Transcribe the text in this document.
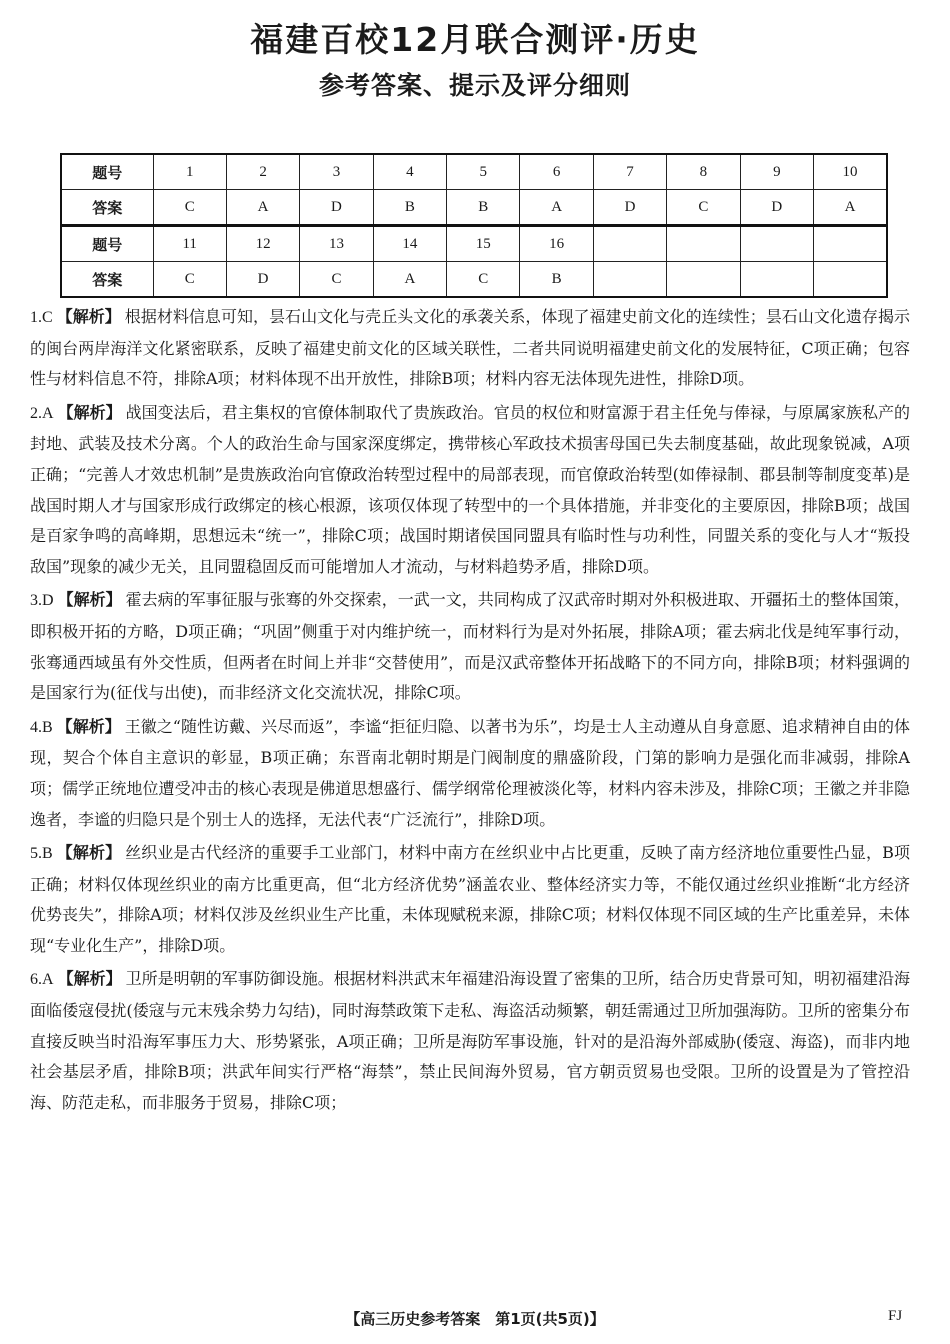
福建百校12月联合测评·历史
参考答案、提示及评分细则
题号	1	2	3	4	5	6	7	8	9	10
答案	C	A	D	B	B	A	D	C	D	A
题号	11	12	13	14	15	16				
答案	C	D	C	A	C	B				

1.C 【解析】 根据材料信息可知，昙石山文化与壳丘头文化的承袭关系，体现了福建史前文化的连续性；昙石山文化遗存揭示的闽台两岸海洋文化紧密联系，反映了福建史前文化的区域关联性，二者共同说明福建史前文化的发展特征，C项正确；包容性与材料信息不符，排除A项；材料体现不出开放性，排除B项；材料内容无法体现先进性，排除D项。

2.A 【解析】 战国变法后，君主集权的官僚体制取代了贵族政治。官员的权位和财富源于君主任免与俸禄，与原属家族私产的封地、武装及技术分离。个人的政治生命与国家深度绑定，携带核心军政技术损害母国已失去制度基础，故此现象锐减，A项正确；“完善人才效忠机制”是贵族政治向官僚政治转型过程中的局部表现，而官僚政治转型(如俸禄制、郡县制等制度变革)是战国时期人才与国家形成行政绑定的核心根源，该项仅体现了转型中的一个具体措施，并非变化的主要原因，排除B项；战国是百家争鸣的高峰期，思想远未“统一”，排除C项；战国时期诸侯国同盟具有临时性与功利性，同盟关系的变化与人才“叛投敌国”现象的减少无关，且同盟稳固反而可能增加人才流动，与材料趋势矛盾，排除D项。

3.D 【解析】 霍去病的军事征服与张骞的外交探索，一武一文，共同构成了汉武帝时期对外积极进取、开疆拓土的整体国策，即积极开拓的方略，D项正确；“巩固”侧重于对内维护统一，而材料行为是对外拓展，排除A项；霍去病北伐是纯军事行动，张骞通西域虽有外交性质，但两者在时间上并非“交替使用”，而是汉武帝整体开拓战略下的不同方向，排除B项；材料强调的是国家行为(征伐与出使)，而非经济文化交流状况，排除C项。

4.B 【解析】 王徽之“随性访戴、兴尽而返”，李谧“拒征归隐、以著书为乐”，均是士人主动遵从自身意愿、追求精神自由的体现，契合个体自主意识的彰显，B项正确；东晋南北朝时期是门阀制度的鼎盛阶段，门第的影响力是强化而非减弱，排除A项；儒学正统地位遭受冲击的核心表现是佛道思想盛行、儒学纲常伦理被淡化等，材料内容未涉及，排除C项；王徽之并非隐逸者，李谧的归隐只是个别士人的选择，无法代表“广泛流行”，排除D项。

5.B 【解析】 丝织业是古代经济的重要手工业部门，材料中南方在丝织业中占比更重，反映了南方经济地位重要性凸显，B项正确；材料仅体现丝织业的南方比重更高，但“北方经济优势”涵盖农业、整体经济实力等，不能仅通过丝织业推断“北方经济优势丧失”，排除A项；材料仅涉及丝织业生产比重，未体现赋税来源，排除C项；材料仅体现不同区域的生产比重差异，未体现“专业化生产”，排除D项。

6.A 【解析】 卫所是明朝的军事防御设施。根据材料洪武末年福建沿海设置了密集的卫所，结合历史背景可知，明初福建沿海面临倭寇侵扰(倭寇与元末残余势力勾结)，同时海禁政策下走私、海盗活动频繁，朝廷需通过卫所加强海防。卫所的密集分布直接反映当时沿海军事压力大、形势紧张，A项正确；卫所是海防军事设施，针对的是沿海外部威胁(倭寇、海盗)，而非内地社会基层矛盾，排除B项；洪武年间实行严格“海禁”，禁止民间海外贸易，官方朝贡贸易也受限。卫所的设置是为了管控沿海、防范走私，而非服务于贸易，排除C项；

【高三历史参考答案　第1页(共5页)】	FJ
